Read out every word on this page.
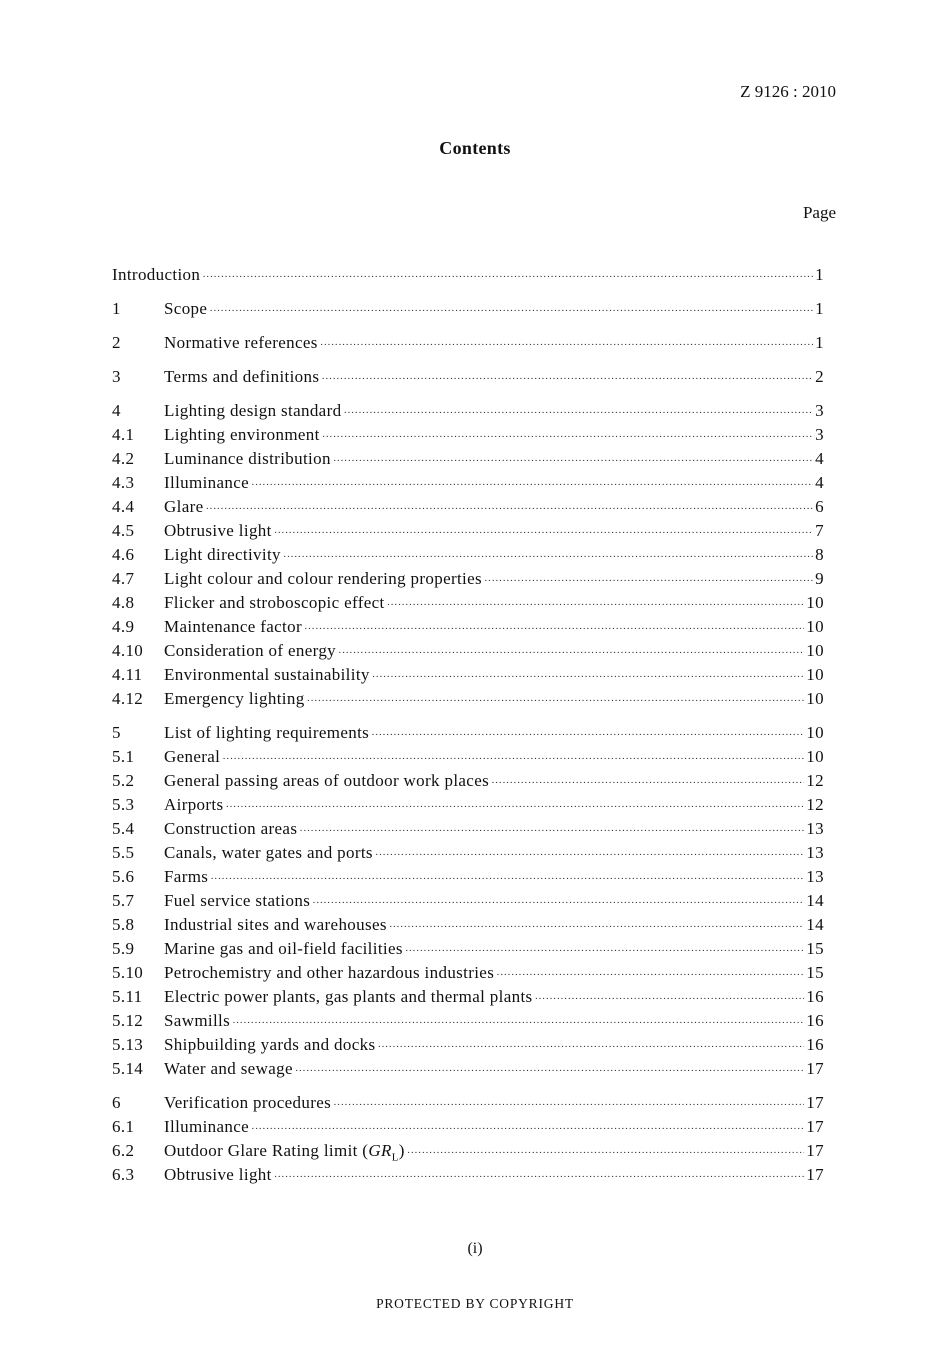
Z 9126 : 2010
Contents
Page
Introduction ·····	1
1	Scope ·····	1
2	Normative references ·····	1
3	Terms and definitions ·····	2
4	Lighting design standard ·····	3
4.1	Lighting environment ·····	3
4.2	Luminance distribution ·····	4
4.3	Illuminance ·····	4
4.4	Glare ·····	6
4.5	Obtrusive light ·····	7
4.6	Light directivity ·····	8
4.7	Light colour and colour rendering properties ·····	9
4.8	Flicker and stroboscopic effect ·····	10
4.9	Maintenance factor ·····	10
4.10	Consideration of energy ·····	10
4.11	Environmental sustainability ·····	10
4.12	Emergency lighting ·····	10
5	List of lighting requirements ·····	10
5.1	General ·····	10
5.2	General passing areas of outdoor work places ·····	12
5.3	Airports ·····	12
5.4	Construction areas ·····	13
5.5	Canals, water gates and ports ·····	13
5.6	Farms ·····	13
5.7	Fuel service stations ·····	14
5.8	Industrial sites and warehouses ·····	14
5.9	Marine gas and oil-field facilities ·····	15
5.10	Petrochemistry and other hazardous industries ·····	15
5.11	Electric power plants, gas plants and thermal plants ·····	16
5.12	Sawmills ·····	16
5.13	Shipbuilding yards and docks ·····	16
5.14	Water and sewage ·····	17
6	Verification procedures ·····	17
6.1	Illuminance ·····	17
6.2	Outdoor Glare Rating limit $(GR_L)$ ·····	17
6.3	Obtrusive light ·····	17
(i)
PROTECTED BY COPYRIGHT
